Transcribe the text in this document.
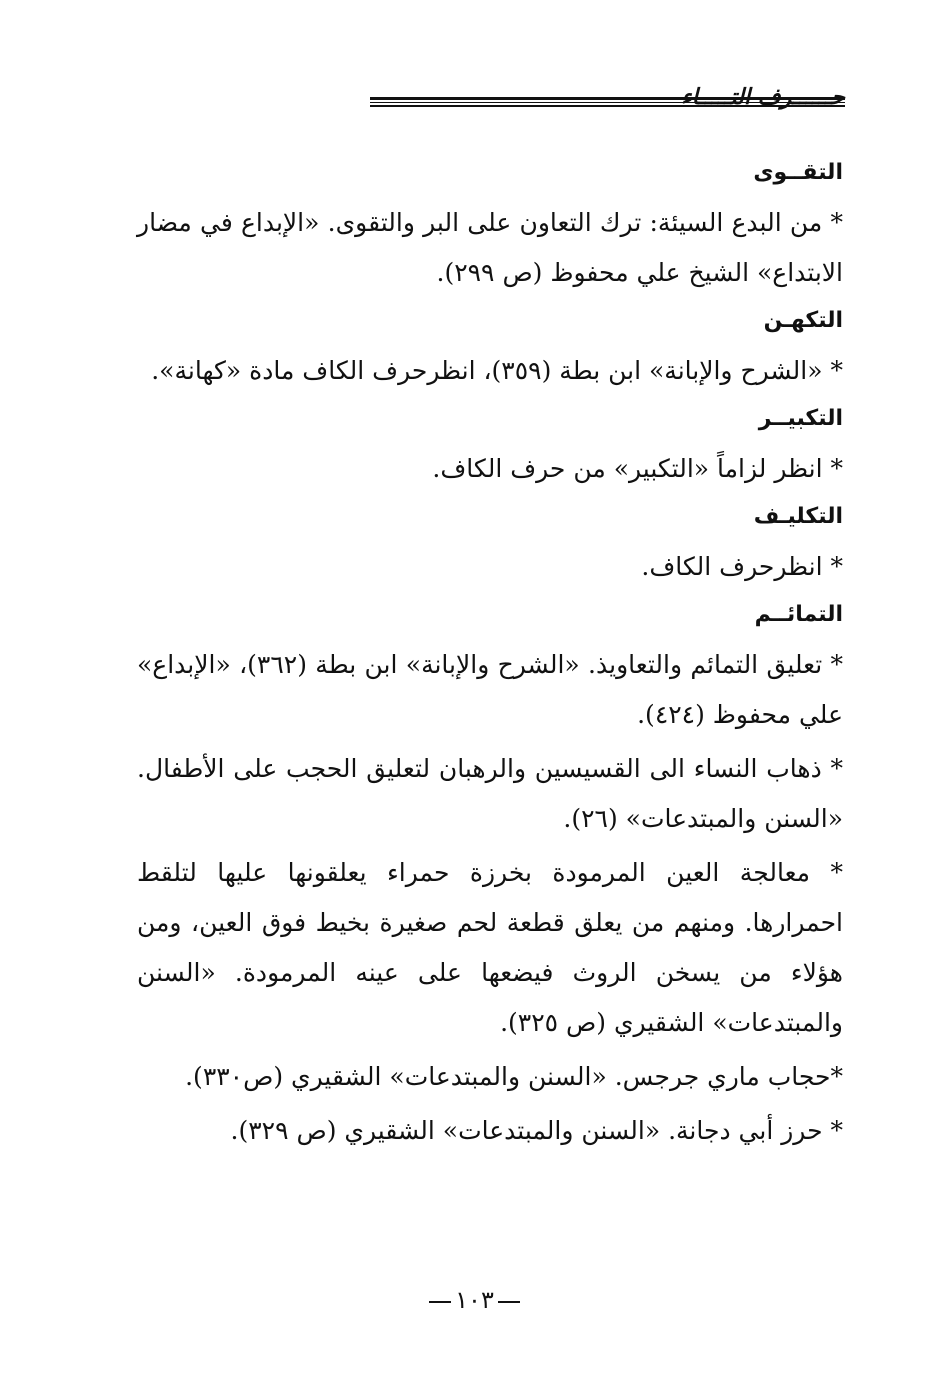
حــــــرف التـــــاء
التقــوى

* من البدع السيئة: ترك التعاون على البر والتقوى. «الإبداع في مضار الابتداع» الشيخ علي محفوظ (ص ٢٩٩).

التكهـن

* «الشرح والإبانة» ابن بطة (٣٥٩)، انظرحرف الكاف مادة «كهانة».

التكبيــر

* انظر لزاماً «التكبير» من حرف الكاف.

التكليـف

* انظرحرف الكاف.

التمائــم

* تعليق التمائم والتعاويذ. «الشرح والإبانة» ابن بطة (٣٦٢)، «الإبداع» علي محفوظ (٤٢٤).

* ذهاب النساء الى القسيسين والرهبان لتعليق الحجب على الأطفال. «السنن والمبتدعات» (٢٦).

* معالجة العين المرمودة بخرزة حمراء يعلقونها عليها لتلقط احمرارها. ومنهم من يعلق قطعة لحم صغيرة بخيط فوق العين، ومن هؤلاء من يسخن الروث فيضعها على عينه المرمودة. «السنن والمبتدعات» الشقيري (ص ٣٢٥).

*حجاب ماري جرجس. «السنن والمبتدعات» الشقيري (ص٣٣٠).

* حرز أبي دجانة. «السنن والمبتدعات» الشقيري (ص ٣٢٩).

١٠٣
